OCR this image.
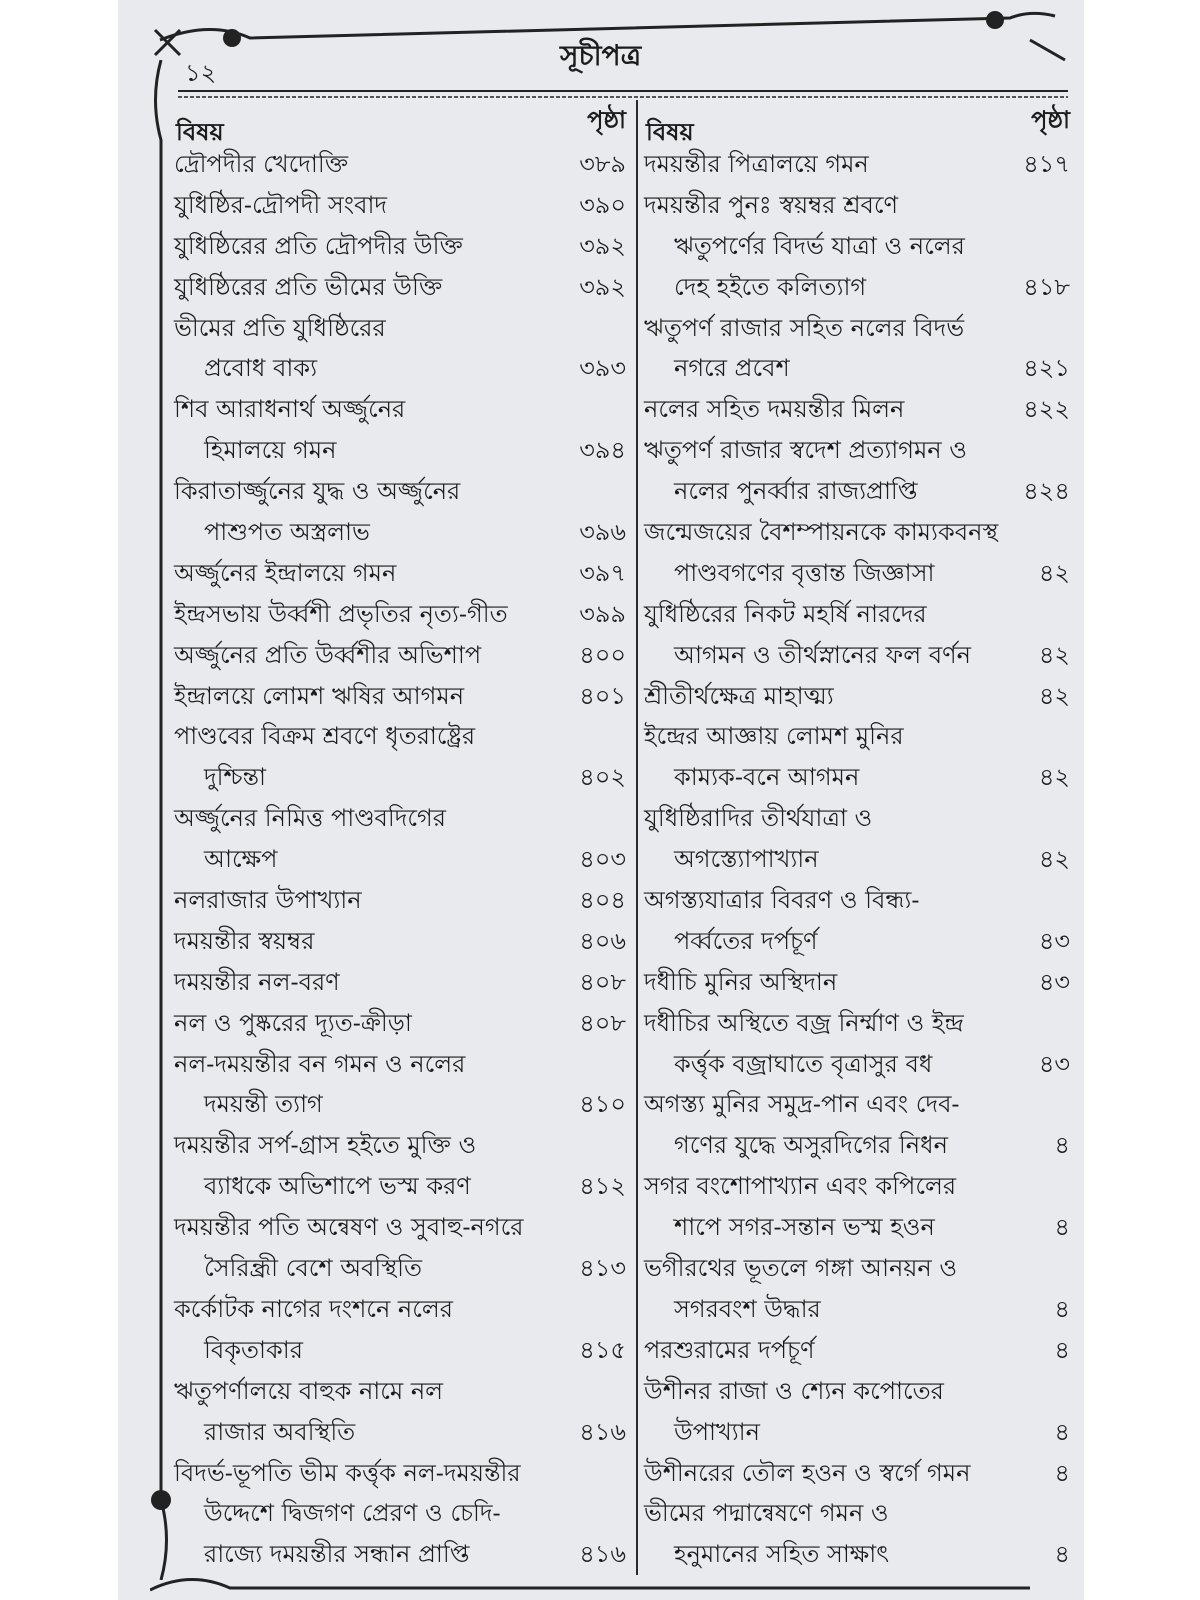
১২
সূচীপত্র
বিষয়	পৃষ্ঠা
দ্রৌপদীর খেদোক্তি	৩৮৯
যুধিষ্ঠির-দ্রৌপদী সংবাদ	৩৯০
যুধিষ্ঠিরের প্রতি দ্রৌপদীর উক্তি	৩৯২
যুধিষ্ঠিরের প্রতি ভীমের উক্তি	৩৯২
ভীমের প্রতি যুধিষ্ঠিরের
প্রবোধ বাক্য	৩৯৩
শিব আরাধনার্থ অর্জ্জুনের
হিমালয়ে গমন	৩৯৪
কিরাতার্জ্জুনের যুদ্ধ ও অর্জ্জুনের
পাশুপত অস্ত্রলাভ	৩৯৬
অর্জ্জুনের ইন্দ্রালয়ে গমন	৩৯৭
ইন্দ্রসভায় উর্ব্বশী প্রভৃতির নৃত্য-গীত	৩৯৯
অর্জ্জুনের প্রতি উর্ব্বশীর অভিশাপ	৪০০
ইন্দ্রালয়ে লোমশ ঋষির আগমন	৪০১
পাণ্ডবের বিক্রম শ্রবণে ধৃতরাষ্ট্রের
দুশ্চিন্তা	৪০২
অর্জ্জুনের নিমিত্ত পাণ্ডবদিগের
আক্ষেপ	৪০৩
নলরাজার উপাখ্যান	৪০৪
দময়ন্তীর স্বয়ম্বর	৪০৬
দময়ন্তীর নল-বরণ	৪০৮
নল ও পুষ্করের দ্যূত-ক্রীড়া	৪০৮
নল-দময়ন্তীর বন গমন ও নলের
দময়ন্তী ত্যাগ	৪১০
দময়ন্তীর সর্প-গ্রাস হইতে মুক্তি ও
ব্যাধকে অভিশাপে ভস্ম করণ	৪১২
দময়ন্তীর পতি অন্বেষণ ও সুবাহু-নগরে
সৈরিন্ধ্রী বেশে অবস্থিতি	৪১৩
কর্কোটক নাগের দংশনে নলের
বিকৃতাকার	৪১৫
ঋতুপর্ণালয়ে বাহুক নামে নল
রাজার অবস্থিতি	৪১৬
বিদর্ভ-ভূপতি ভীম কর্ত্তৃক নল-দময়ন্তীর
উদ্দেশে দ্বিজগণ প্রেরণ ও চেদি-
রাজ্যে দময়ন্তীর সন্ধান প্রাপ্তি	৪১৬
বিষয়	পৃষ্ঠা
দময়ন্তীর পিত্রালয়ে গমন	৪১৭
দময়ন্তীর পুনঃ স্বয়ম্বর শ্রবণে
ঋতুপর্ণের বিদর্ভ যাত্রা ও নলের
দেহ হইতে কলিত্যাগ	৪১৮
ঋতুপর্ণ রাজার সহিত নলের বিদর্ভ
নগরে প্রবেশ	৪২১
নলের সহিত দময়ন্তীর মিলন	৪২২
ঋতুপর্ণ রাজার স্বদেশ প্রত্যাগমন ও
নলের পুনর্ব্বার রাজ্যপ্রাপ্তি	৪২৪
জন্মেজয়ের বৈশম্পায়নকে কাম্যকবনস্থ
পাণ্ডবগণের বৃত্তান্ত জিজ্ঞাসা	৪২
যুধিষ্ঠিরের নিকট মহর্ষি নারদের
আগমন ও তীর্থস্নানের ফল বর্ণন	৪২
শ্রীতীর্থক্ষেত্র মাহাত্ম্য	৪২
ইন্দ্রের আজ্ঞায় লোমশ মুনির
কাম্যক-বনে আগমন	৪২
যুধিষ্ঠিরাদির তীর্থযাত্রা ও
অগস্ত্যোপাখ্যান	৪২
অগস্ত্যযাত্রার বিবরণ ও বিন্ধ্য-
পর্ব্বতের দর্পচূর্ণ	৪৩
দধীচি মুনির অস্থিদান	৪৩
দধীচির অস্থিতে বজ্র নির্ম্মাণ ও ইন্দ্র
কর্ত্তৃক বজ্রাঘাতে বৃত্রাসুর বধ	৪৩
অগস্ত্য মুনির সমুদ্র-পান এবং দেব-
গণের যুদ্ধে অসুরদিগের নিধন	৪
সগর বংশোপাখ্যান এবং কপিলের
শাপে সগর-সন্তান ভস্ম হওন	৪
ভগীরথের ভূতলে গঙ্গা আনয়ন ও
সগরবংশ উদ্ধার	৪
পরশুরামের দর্পচূর্ণ	৪
উশীনর রাজা ও শ্যেন কপোতের
উপাখ্যান	৪
উশীনরের তৌল হওন ও স্বর্গে গমন	৪
ভীমের পদ্মান্বেষণে গমন ও
হনুমানের সহিত সাক্ষাৎ	৪
